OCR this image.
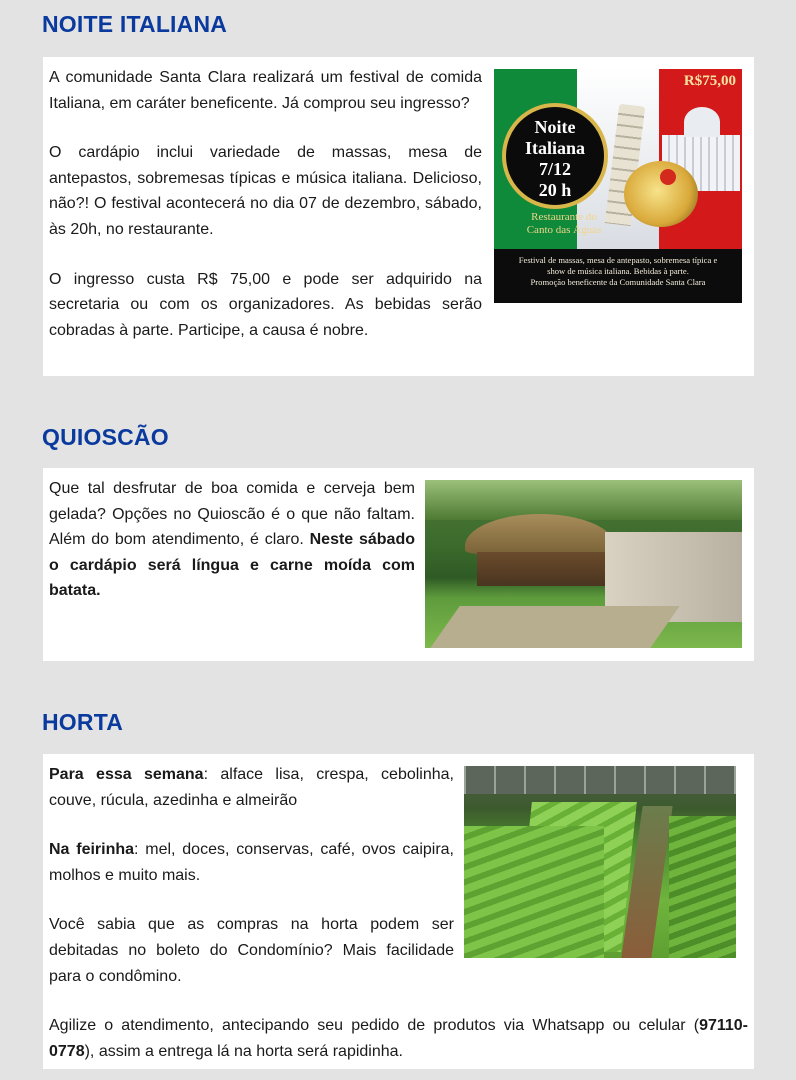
NOITE ITALIANA
R$75,00
Noite
Italiana
7/12
20 h
Restaurante do
Canto das Águas
Festival de massas, mesa de antepasto, sobremesa típica e
show de música italiana. Bebidas à parte.
Promoção beneficente da Comunidade Santa Clara

A comunidade Santa Clara realizará um festival de comida Italiana, em caráter beneficente. Já comprou seu ingresso?

O cardápio inclui variedade de massas, mesa de antepastos, sobremesas típicas e música italiana. Delicioso, não?! O festival acontecerá no dia 07 de dezembro, sábado, às 20h, no restaurante.

O ingresso custa R$ 75,00 e pode ser adquirido na secretaria ou com os organizadores. As bebidas serão cobradas à parte. Participe, a causa é nobre.

QUIOSCÃO

Que tal desfrutar de boa comida e cerveja bem gelada? Opções no Quioscão é o que não faltam. Além do bom atendimento, é claro. Neste sábado o cardápio será língua e carne moída com batata.

HORTA

Para essa semana: alface lisa, crespa, cebolinha, couve, rúcula, azedinha e almeirão

Na feirinha: mel, doces, conservas, café, ovos caipira, molhos e muito mais.

Você sabia que as compras na horta podem ser debitadas no boleto do Condomínio? Mais facilidade para o condômino.

Agilize o atendimento, antecipando seu pedido de produtos via Whatsapp ou celular (97110-0778), assim a entrega lá na horta será rapidinha.
